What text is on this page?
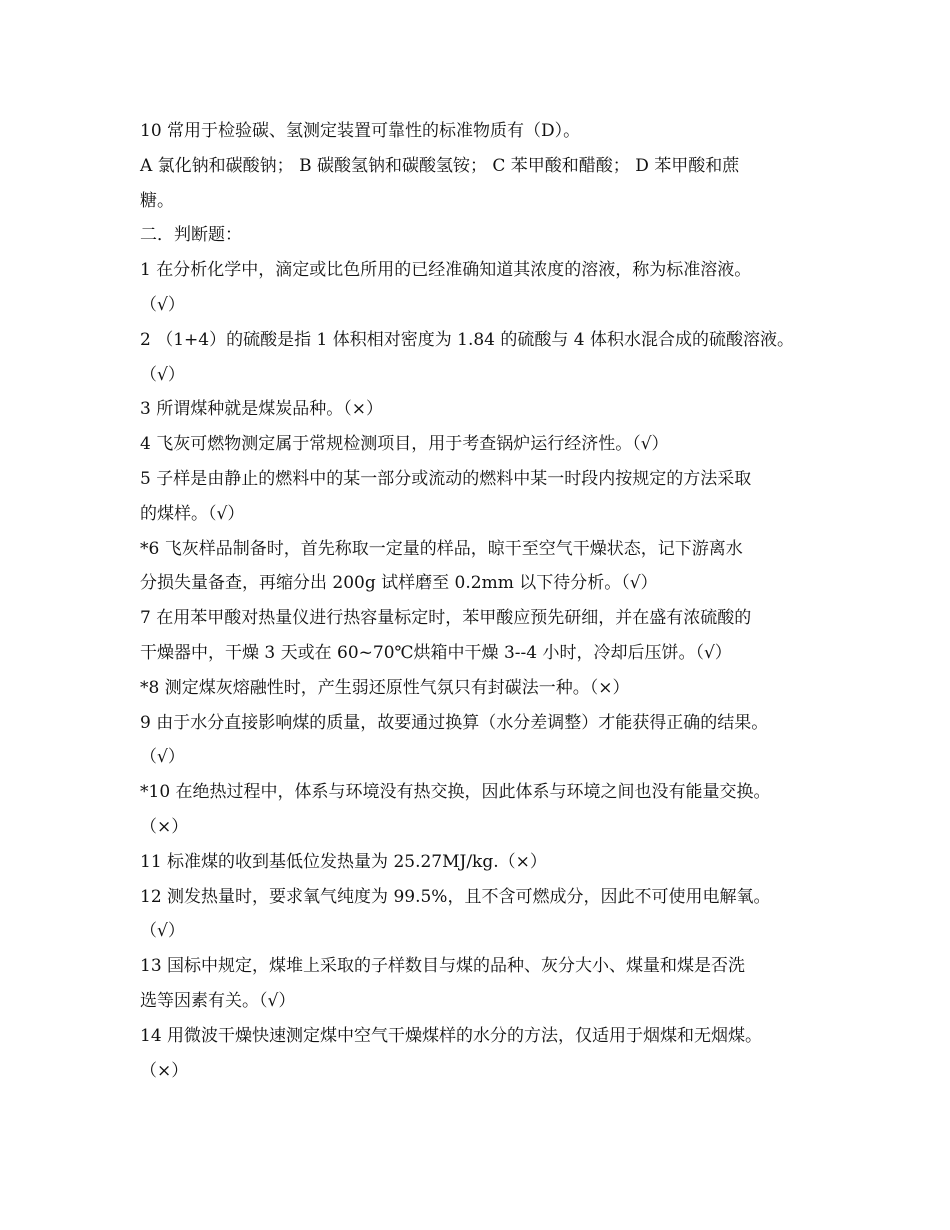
10 常用于检验碳、氢测定装置可靠性的标准物质有（D）。
A 氯化钠和碳酸钠； B 碳酸氢钠和碳酸氢铵； C 苯甲酸和醋酸； D 苯甲酸和蔗
糖。
二．判断题：
1 在分析化学中，滴定或比色所用的已经准确知道其浓度的溶液，称为标准溶液。
（√）
2 （1+4）的硫酸是指 1 体积相对密度为 1.84 的硫酸与 4 体积水混合成的硫酸溶液。
（√）
3 所谓煤种就是煤炭品种。（×）
4 飞灰可燃物测定属于常规检测项目，用于考查锅炉运行经济性。（√）
5 子样是由静止的燃料中的某一部分或流动的燃料中某一时段内按规定的方法采取
的煤样。（√）
*6 飞灰样品制备时，首先称取一定量的样品，晾干至空气干燥状态，记下游离水
分损失量备查，再缩分出 200g 试样磨至 0.2mm 以下待分析。（√）
7 在用苯甲酸对热量仪进行热容量标定时，苯甲酸应预先研细，并在盛有浓硫酸的
干燥器中，干燥 3 天或在 60~70℃烘箱中干燥 3--4 小时，冷却后压饼。（√）
*8 测定煤灰熔融性时，产生弱还原性气氛只有封碳法一种。（×）
9 由于水分直接影响煤的质量，故要通过换算（水分差调整）才能获得正确的结果。
（√）
*10 在绝热过程中，体系与环境没有热交换，因此体系与环境之间也没有能量交换。
（×）
11 标准煤的收到基低位发热量为 25.27MJ/kg.（×）
12 测发热量时，要求氧气纯度为 99.5%，且不含可燃成分，因此不可使用电解氧。
（√）
13 国标中规定，煤堆上采取的子样数目与煤的品种、灰分大小、煤量和煤是否洗
选等因素有关。（√）
14 用微波干燥快速测定煤中空气干燥煤样的水分的方法，仅适用于烟煤和无烟煤。
（×）
